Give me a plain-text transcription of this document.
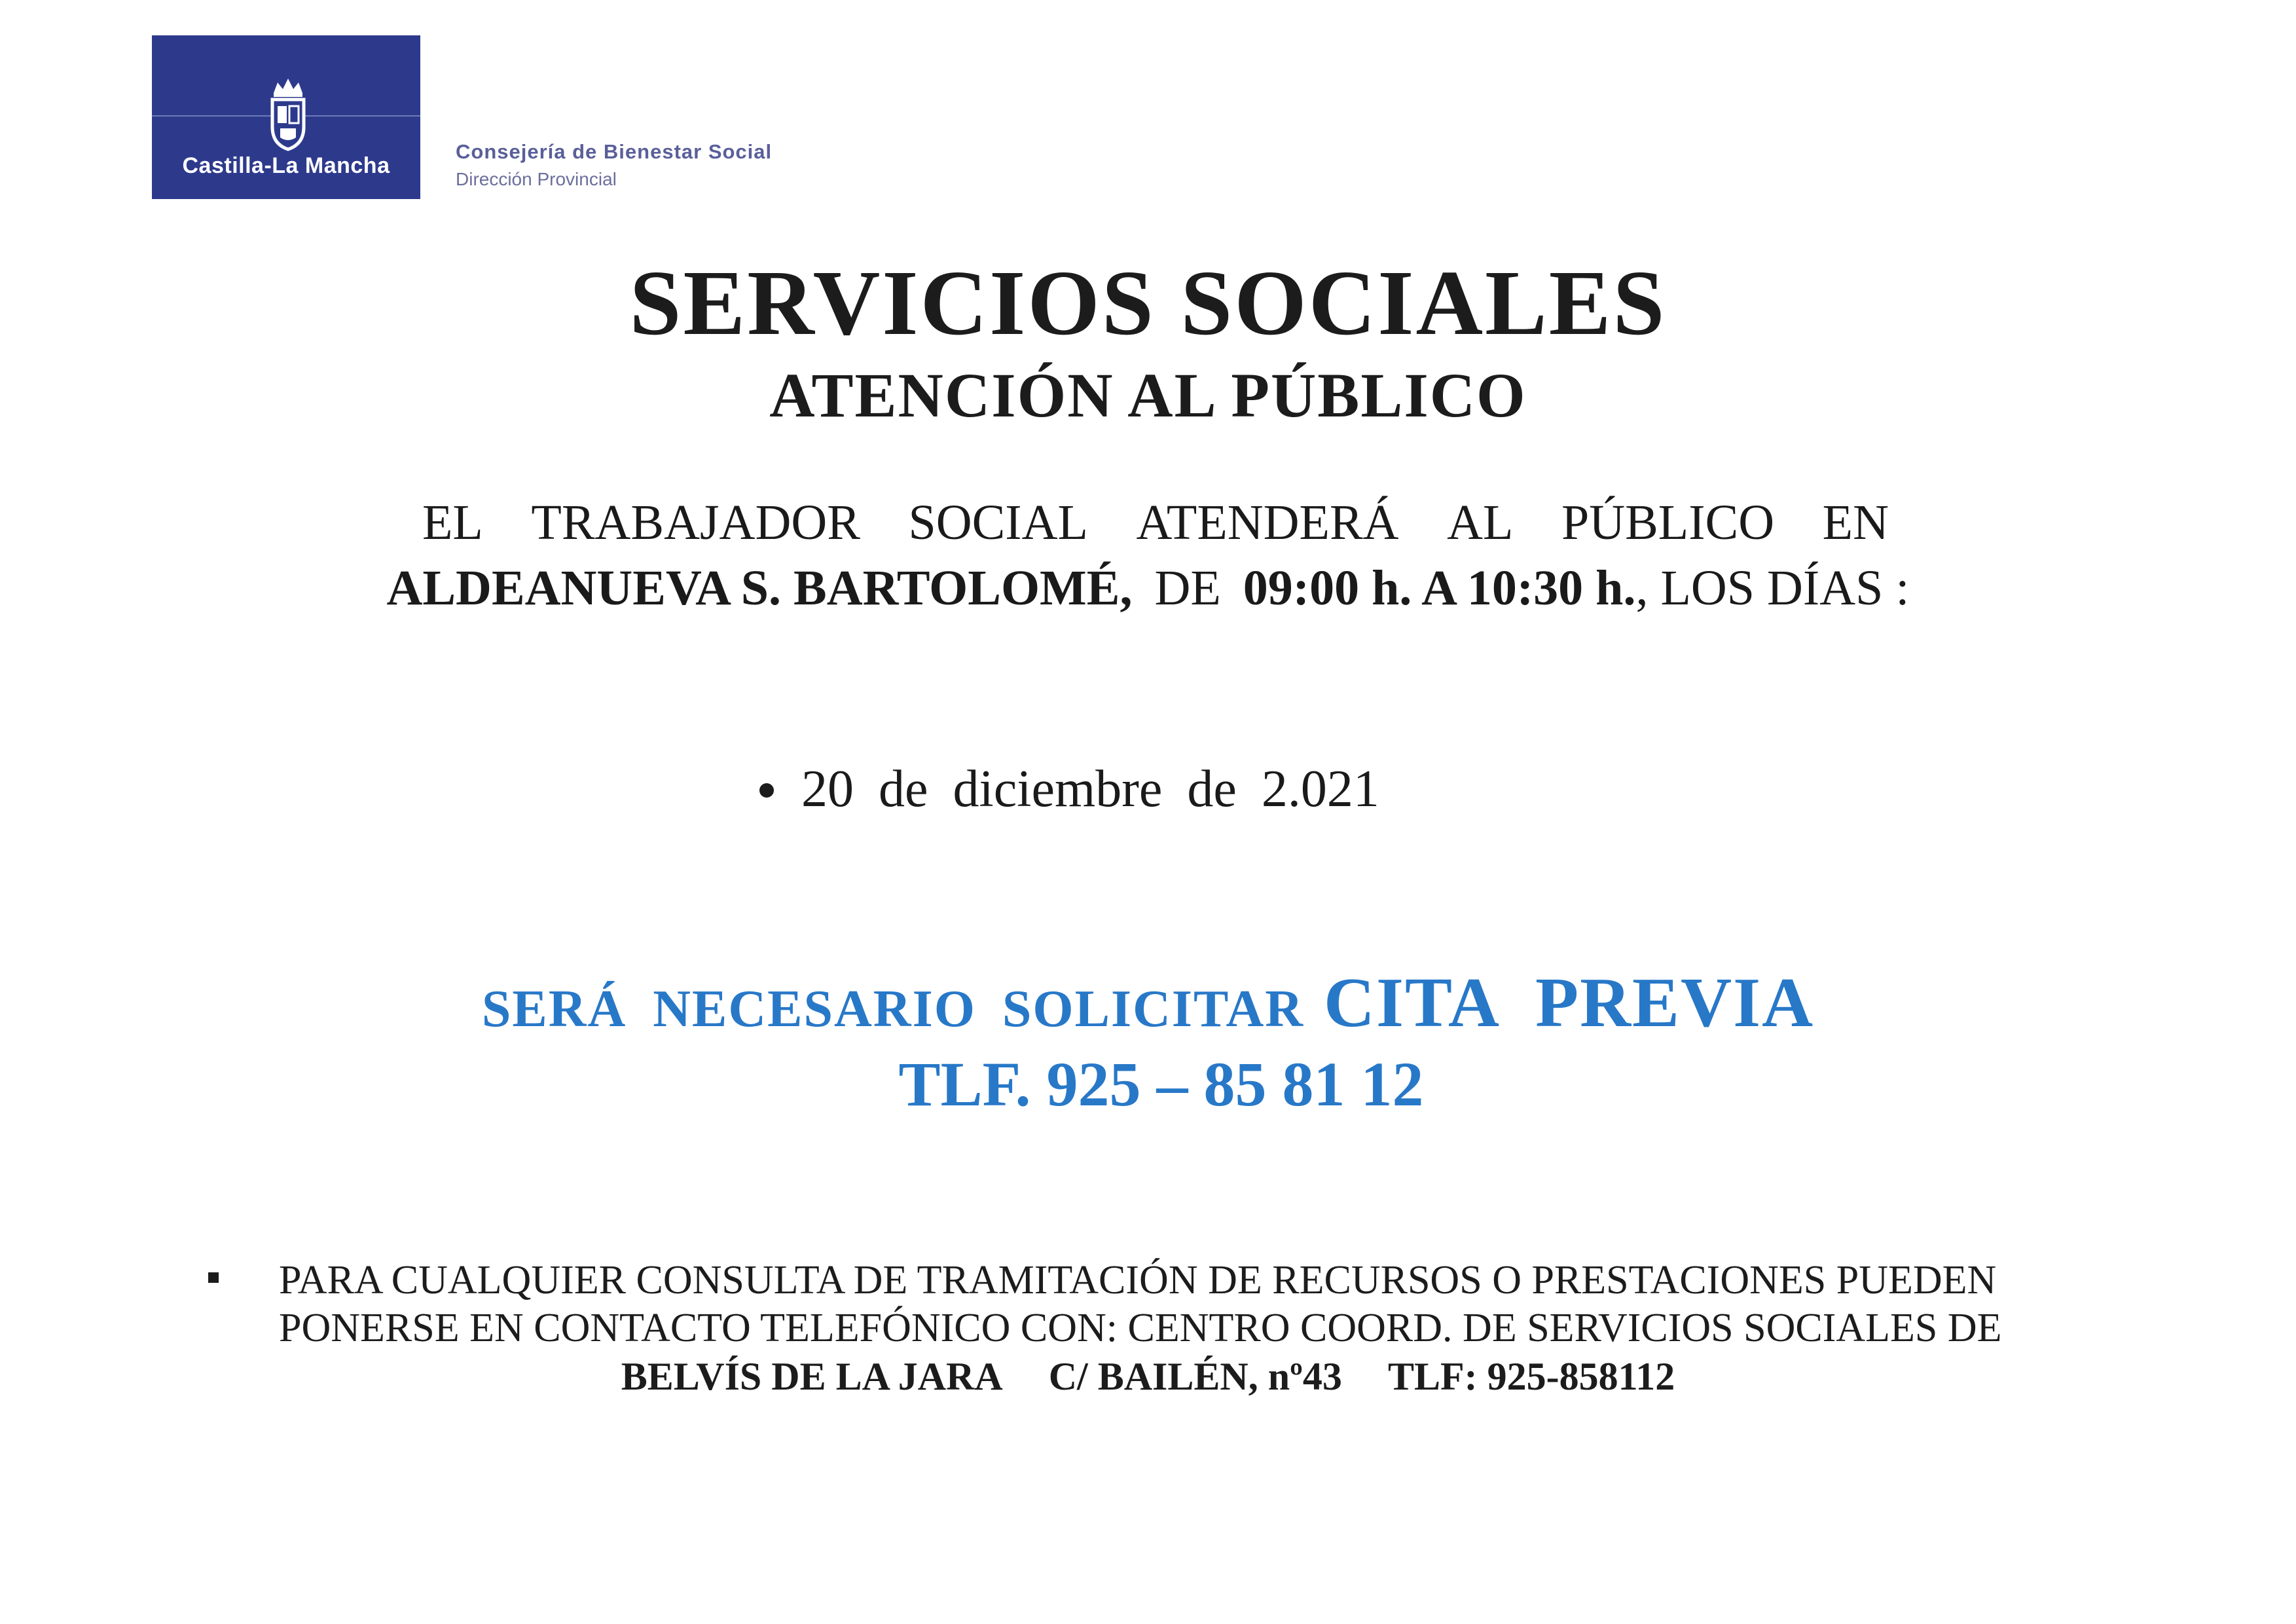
Castilla-La Mancha
Consejería de Bienestar Social
Dirección Provincial
SERVICIOS SOCIALES
ATENCIÓN AL PÚBLICO
EL TRABAJADOR SOCIAL ATENDERÁ AL PÚBLICO EN
ALDEANUEVA S. BARTOLOMÉ, DE 09:00 h. A 10:30 h., LOS DÍAS :
20 de diciembre de 2.021
SERÁ NECESARIO SOLICITAR CITA PREVIA
TLF. 925 – 85 81 12
PARA CUALQUIER CONSULTA DE TRAMITACIÓN DE RECURSOS O PRESTACIONES PUEDEN
PONERSE EN CONTACTO TELEFÓNICO CON: CENTRO COORD. DE SERVICIOS SOCIALES DE
BELVÍS DE LA JARA C/ BAILÉN, nº43 TLF: 925-858112
